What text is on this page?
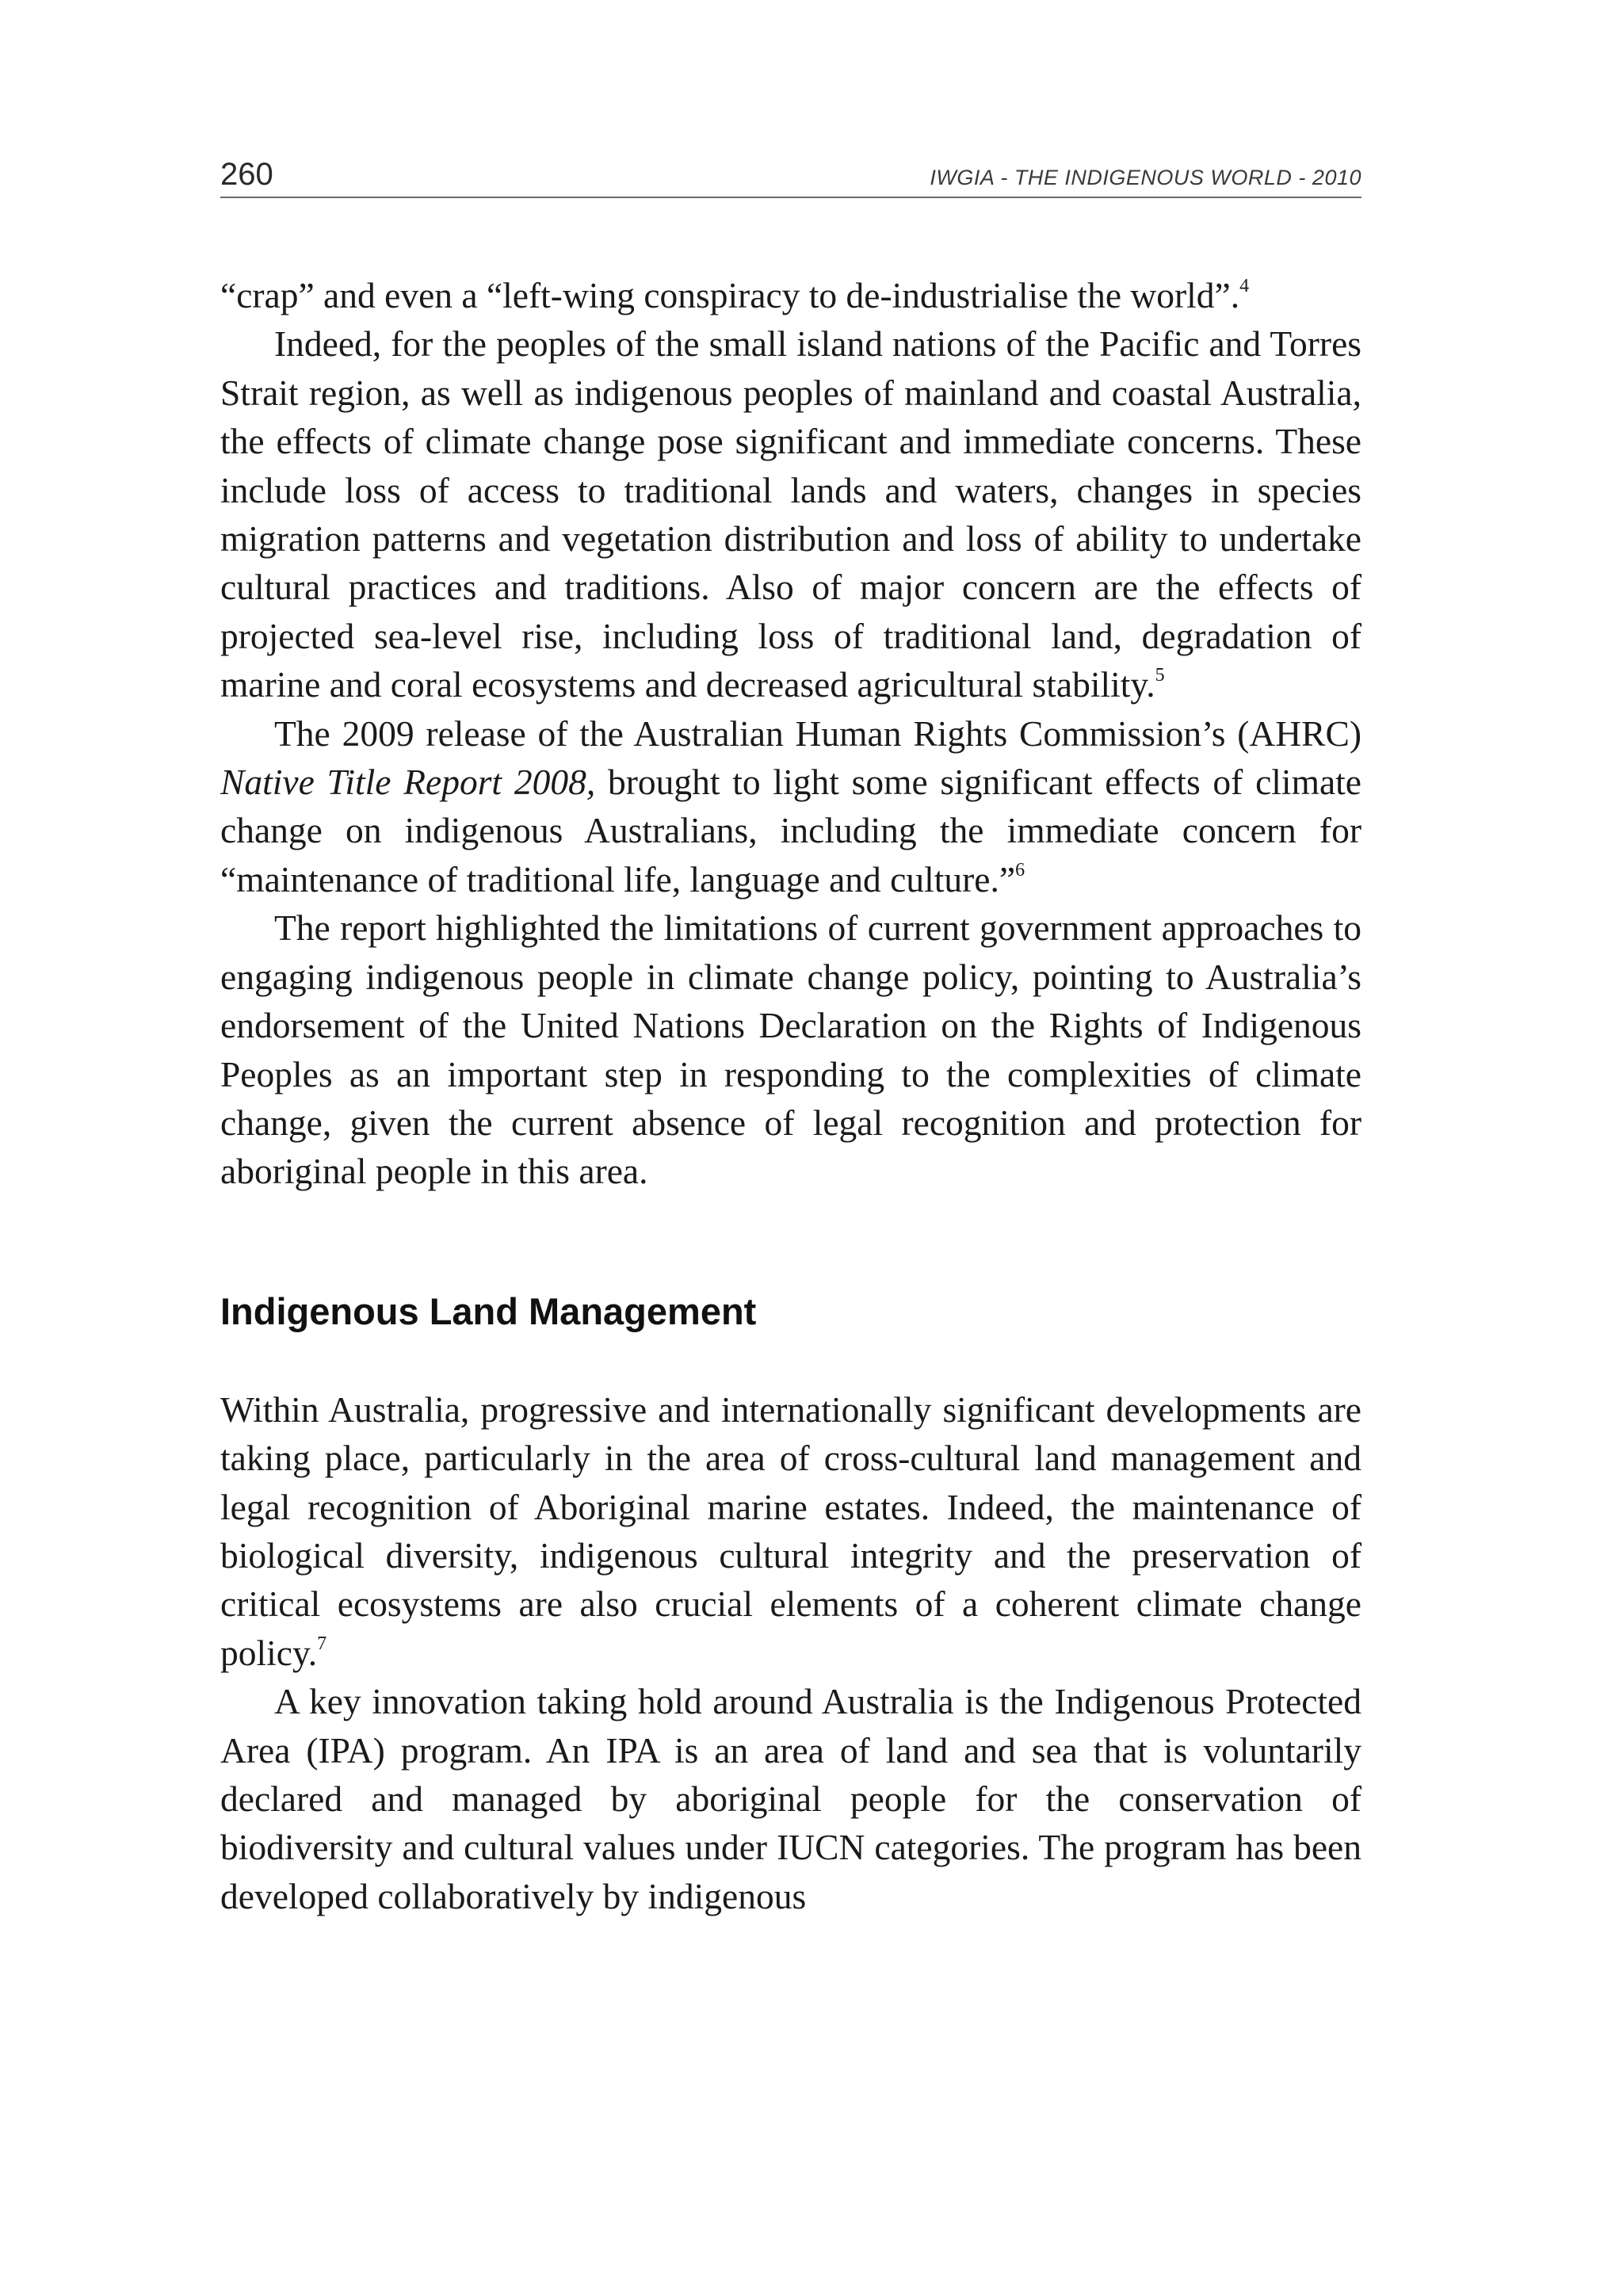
260	IWGIA - THE INDIGENOUS WORLD - 2010

“crap” and even a “left-wing conspiracy to de-industrialise the world”.$^4$

Indeed, for the peoples of the small island nations of the Pacific and Torres Strait region, as well as indigenous peoples of mainland and coastal Australia, the effects of climate change pose significant and immediate concerns. These include loss of access to traditional lands and waters, changes in species migration patterns and vegetation distribution and loss of ability to undertake cultural practices and traditions. Also of major concern are the effects of projected sea-level rise, including loss of traditional land, degradation of marine and coral ecosystems and decreased agricultural stability.$^5$

The 2009 release of the Australian Human Rights Commission’s (AHRC) Native Title Report 2008, brought to light some significant effects of climate change on indigenous Australians, including the immediate concern for “maintenance of traditional life, language and culture.”$^6$

The report highlighted the limitations of current government approaches to engaging indigenous people in climate change policy, pointing to Australia’s endorsement of the United Nations Declaration on the Rights of Indigenous Peoples as an important step in responding to the complexities of climate change, given the current absence of legal recognition and protection for aboriginal people in this area.

Indigenous Land Management

Within Australia, progressive and internationally significant developments are taking place, particularly in the area of cross-cultural land management and legal recognition of Aboriginal marine estates. Indeed, the maintenance of biological diversity, indigenous cultural integrity and the preservation of critical ecosystems are also crucial elements of a coherent climate change policy.$^7$

A key innovation taking hold around Australia is the Indigenous Protected Area (IPA) program. An IPA is an area of land and sea that is voluntarily declared and managed by aboriginal people for the conservation of biodiversity and cultural values under IUCN categories. The program has been developed collaboratively by indigenous
